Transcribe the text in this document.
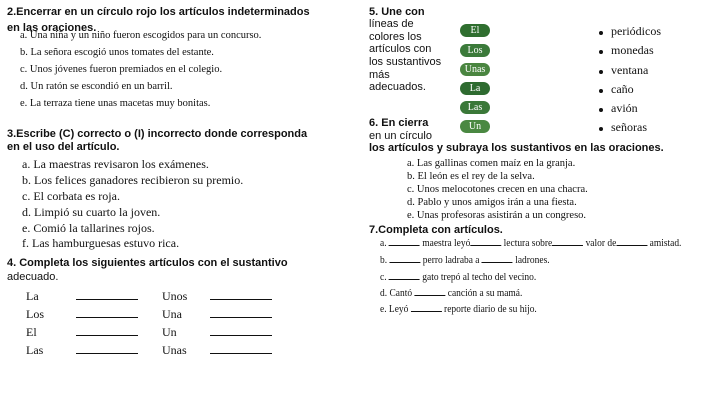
2.Encerrar en un círculo rojo los artículos indeterminados
en las oraciones.
a. Una niña y un niño fueron escogidos para un concurso.
b. La señora escogió unos tomates del estante.
c. Unos jóvenes fueron premiados en el colegio.
d. Un ratón se escondió en un barril.
e. La terraza tiene unas macetas muy bonitas.
3.Escribe (C) correcto o (I) incorrecto donde corresponda
en el uso del artículo.
a. La maestras revisaron los exámenes.
b. Los felices ganadores recibieron su premio.
c. El corbata es roja.
d. Limpió su cuarto la joven.
e. Comió la tallarines rojos.
f. Las hamburguesas estuvo rica.
4. Completa los siguientes artículos con el sustantivo
adecuado.
La	Unos
Los	Una
El	Un
Las	Unas
5. Une con
líneas de
colores los
artículos con
los sustantivos
más
adecuados.
El
Los
Unas
La
Las
Un
periódicos
monedas
ventana
caño
avión
señoras
6. En cierra
en un círculo
los artículos y subraya los sustantivos en las oraciones.
a. Las gallinas comen maíz en la granja.
b. El león es el rey de la selva.
c. Unos melocotones crecen en una chacra.
d. Pablo y unos amigos irán a una fiesta.
e. Unas profesoras asistirán a un congreso.
7.Completa con artículos.
a.	maestra leyó	lectura sobre	valor de	amistad.
b.	perro ladraba a	ladrones.
c.	gato trepó al techo del vecino.
d. Cantó	canción a su mamá.
e. Leyó	reporte diario de su hijo.
